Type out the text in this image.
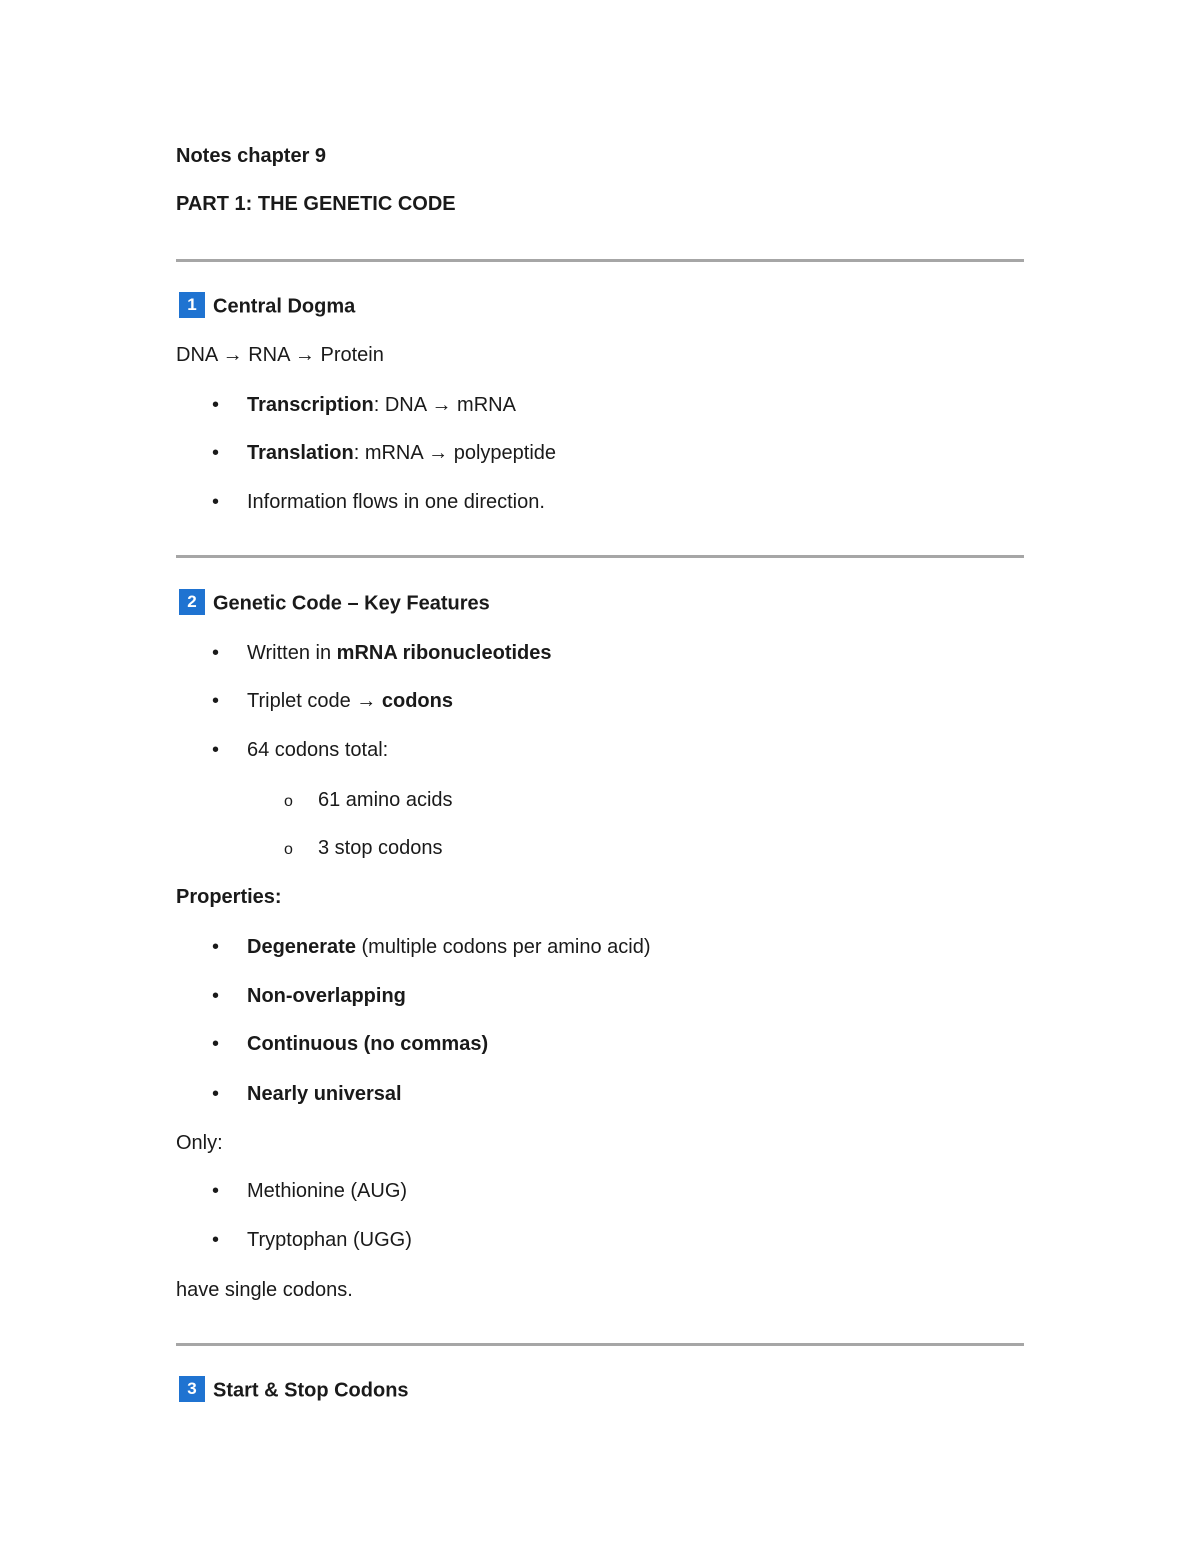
Notes chapter 9
PART 1: THE GENETIC CODE
1 Central Dogma
DNA → RNA → Protein
• Transcription: DNA → mRNA
• Translation: mRNA → polypeptide
• Information flows in one direction.
2 Genetic Code – Key Features
• Written in mRNA ribonucleotides
• Triplet code → codons
• 64 codons total:
o 61 amino acids
o 3 stop codons
Properties:
• Degenerate (multiple codons per amino acid)
• Non-overlapping
• Continuous (no commas)
• Nearly universal
Only:
• Methionine (AUG)
• Tryptophan (UGG)
have single codons.
3 Start & Stop Codons
